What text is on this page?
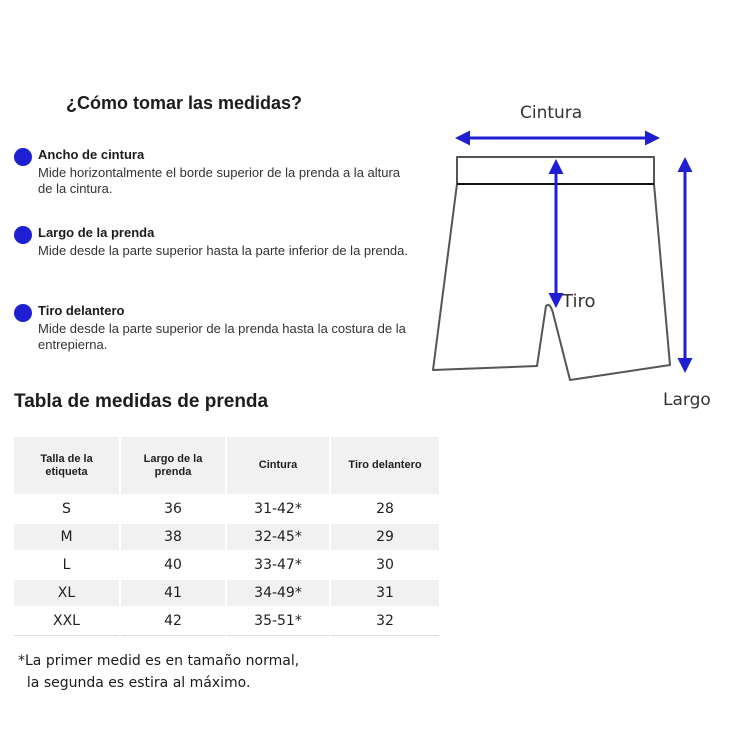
¿Cómo tomar las medidas?
Ancho de cintura
Mide horizontalmente el borde superior de la prenda a la altura de la cintura.
Largo de la prenda
Mide desde la parte superior hasta la parte inferior de la prenda.
Tiro delantero
Mide desde la parte superior de la prenda hasta la costura de la entrepierna.
Cintura
Tiro
Largo
Tabla de medidas de prenda
Talla de la etiqueta	Largo de la prenda	Cintura	Tiro delantero
S	36	31-42*	28
M	38	32-45*	29
L	40	33-47*	30
XL	41	34-49*	31
XXL	42	35-51*	32
*La primer medid es en tamaño normal,
la segunda es estira al máximo.
